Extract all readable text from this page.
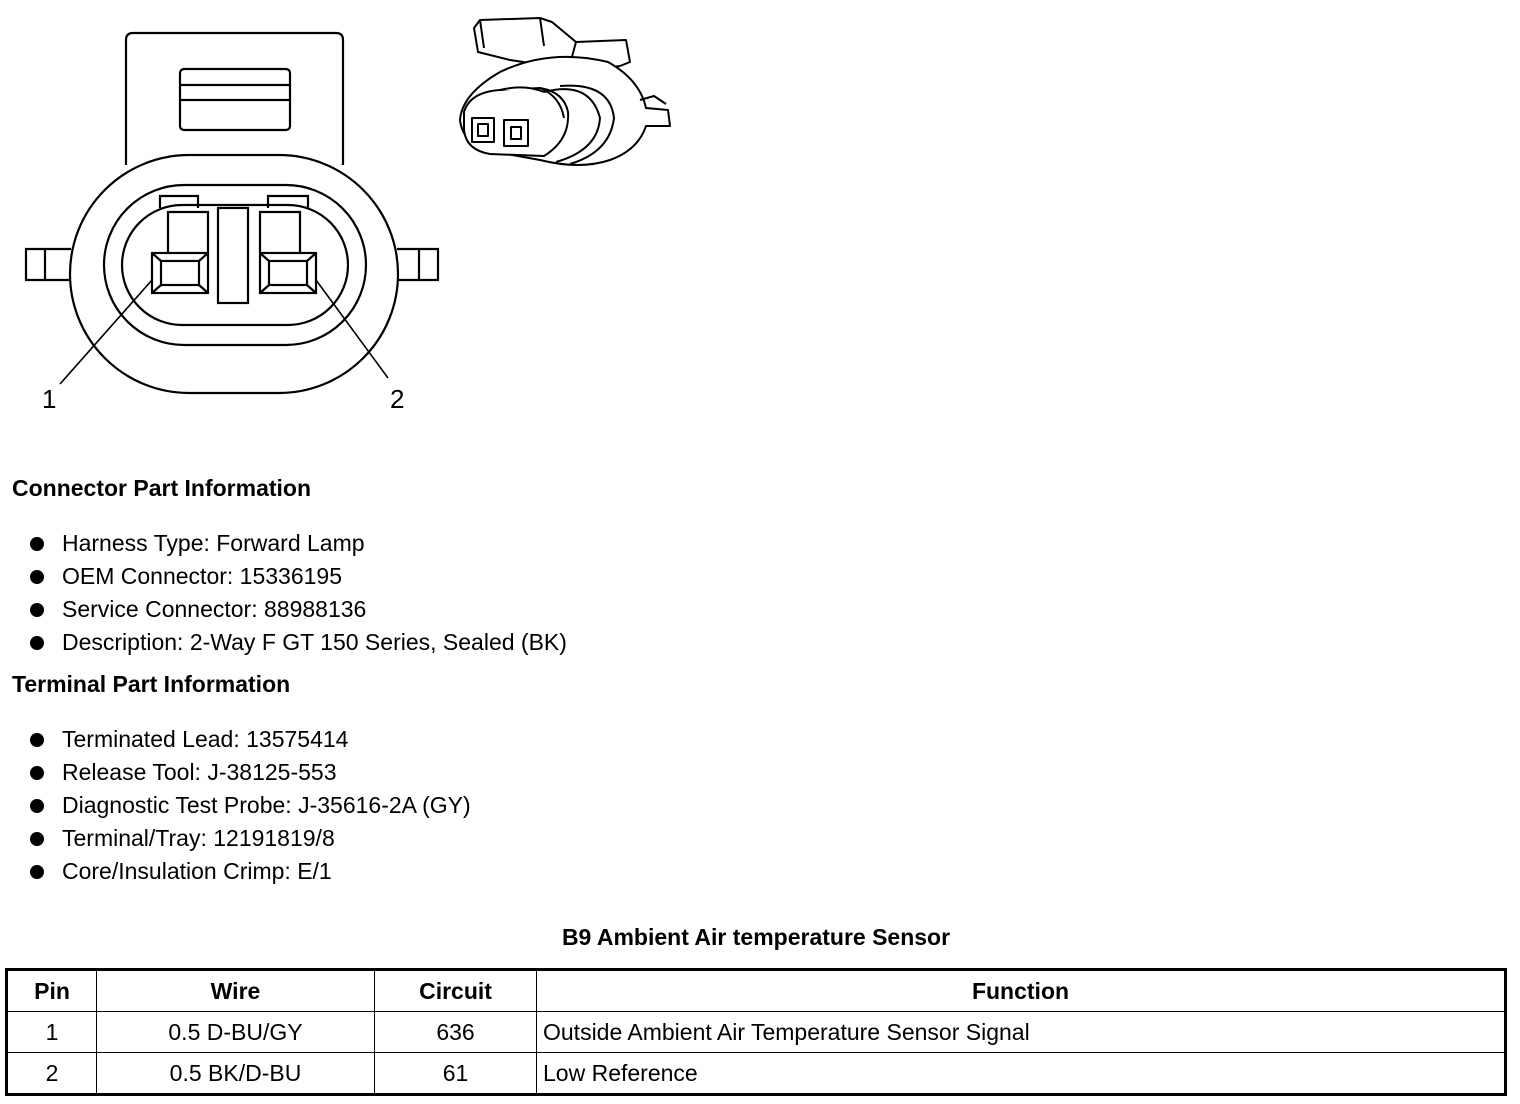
1	2
Connector Part Information
Harness Type: Forward Lamp
OEM Connector: 15336195
Service Connector: 88988136
Description: 2-Way F GT 150 Series, Sealed (BK)
Terminal Part Information
Terminated Lead: 13575414
Release Tool: J-38125-553
Diagnostic Test Probe: J-35616-2A (GY)
Terminal/Tray: 12191819/8
Core/Insulation Crimp: E/1
B9 Ambient Air temperature Sensor
Pin	Wire	Circuit	Function
1	0.5 D-BU/GY	636	Outside Ambient Air Temperature Sensor Signal
2	0.5 BK/D-BU	61	Low Reference
